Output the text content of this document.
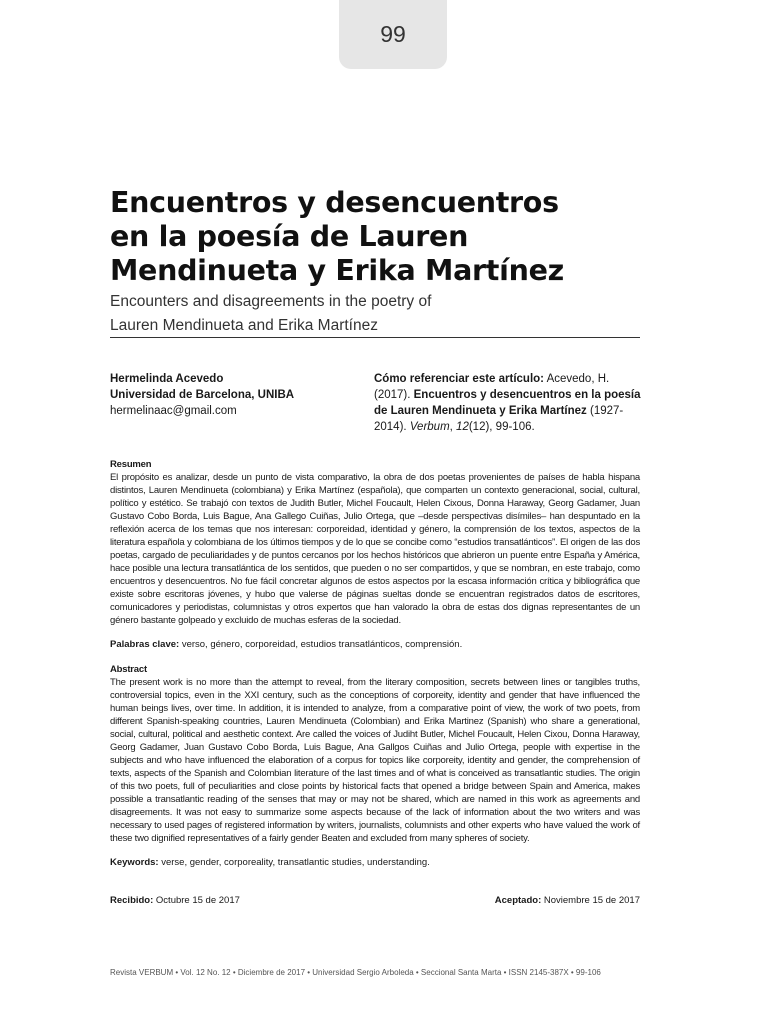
99
Encuentros y desencuentros
en la poesía de Lauren
Mendinueta y Erika Martínez

Encounters and disagreements in the poetry of
Lauren Mendinueta and Erika Martínez

Hermelinda Acevedo
Universidad de Barcelona, UNIBA
hermelinaac@gmail.com
Cómo referenciar este artículo: Acevedo, H. (2017). Encuentros y desencuentros en la poesía de Lauren Mendinueta y Erika Martínez (1927-2014). Verbum, 12(12), 99-106.
Resumen
El propósito es analizar, desde un punto de vista comparativo, la obra de dos poetas provenientes de países de habla hispana distintos, Lauren Mendinueta (colombiana) y Erika Martínez (española), que comparten un contexto generacional, social, cultural, político y estético. Se trabajó con textos de Judith Butler, Michel Foucault, Helen Cixous, Donna Haraway, Georg Gadamer, Juan Gustavo Cobo Borda, Luis Bague, Ana Gallego Cuiñas, Julio Ortega, que –desde perspectivas disímiles– han despuntado en la reflexión acerca de los temas que nos interesan: corporeidad, identidad y género, la comprensión de los textos, aspectos de la literatura española y colombiana de los últimos tiempos y de lo que se concibe como “estudios transatlánticos”. El origen de las dos poetas, cargado de peculiaridades y de puntos cercanos por los hechos históricos que abrieron un puente entre España y América, hace posible una lectura transatlántica de los sentidos, que pueden o no ser compartidos, y que se nombran, en este trabajo, como encuentros y desencuentros. No fue fácil concretar algunos de estos aspectos por la escasa información crítica y bibliográfica que existe sobre escritoras jóvenes, y hubo que valerse de páginas sueltas donde se encuentran registrados datos de escritores, comunicadores y periodistas, columnistas y otros expertos que han valorado la obra de estas dos dignas representantes de un género bastante golpeado y excluido de muchas esferas de la sociedad.
Palabras clave: verso, género, corporeidad, estudios transatlánticos, comprensión.
Abstract
The present work is no more than the attempt to reveal, from the literary composition, secrets between lines or tangibles truths, controversial topics, even in the XXI century, such as the conceptions of corporeity, identity and gender that have influenced the human beings lives, over time. In addition, it is intended to analyze, from a comparative point of view, the work of two poets, from different Spanish-speaking countries, Lauren Mendinueta (Colombian) and Erika Martinez (Spanish) who share a generational, social, cultural, political and aesthetic context. Are called the voices of Judiht Butler, Michel Foucault, Helen Cixou, Donna Haraway, Georg Gadamer, Juan Gustavo Cobo Borda, Luis Bague, Ana Gallgos Cuiñas and Julio Ortega, people with expertise in the subjects and who have influenced the elaboration of a corpus for topics like corporeity, identity and gender, the comprehension of texts, aspects of the Spanish and Colombian literature of the last times and of what is conceived as transatlantic studies. The origin of this two poets, full of peculiarities and close points by historical facts that opened a bridge between Spain and America, makes possible a transatlantic reading of the senses that may or may not be shared, which are named in this work as agreements and disagreements. It was not easy to summarize some aspects because of the lack of information about the two writers and was necessary to used pages of registered information by writers, journalists, columnists and other experts who have valued the work of these two dignified representatives of a fairly gender Beaten and excluded from many spheres of society.
Keywords: verse, gender, corporeality, transatlantic studies, understanding.
Recibido: Octubre 15 de 2017	Aceptado: Noviembre 15 de 2017
Revista VERBUM • Vol. 12 No. 12 • Diciembre de 2017 • Universidad Sergio Arboleda • Seccional Santa Marta • ISSN 2145-387X • 99-106
